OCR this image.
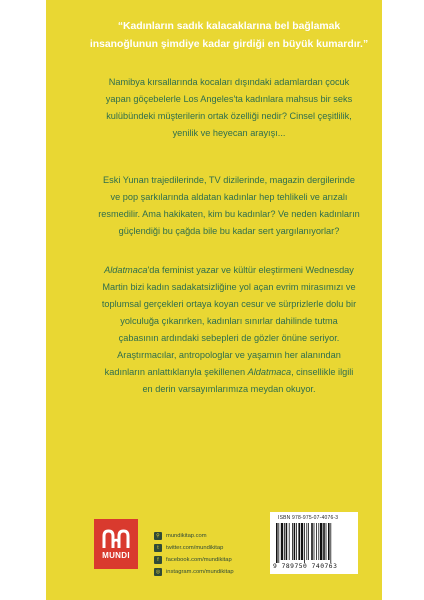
“Kadınların sadık kalacaklarına bel bağlamak
insanoğlunun şimdiye kadar girdiği en büyük kumardır.”
Namibya kırsallarında kocaları dışındaki adamlardan çocuk
yapan göçebelerle Los Angeles'ta kadınlara mahsus bir seks
kulübündeki müşterilerin ortak özelliği nedir? Cinsel çeşitlilik,
yenilik ve heyecan arayışı...
Eski Yunan trajedilerinde, TV dizilerinde, magazin dergilerinde
ve pop şarkılarında aldatan kadınlar hep tehlikeli ve arızalı
resmedilir. Ama hakikaten, kim bu kadınlar? Ve neden kadınların
güçlendiği bu çağda bile bu kadar sert yargılanıyorlar?
Aldatmaca'da feminist yazar ve kültür eleştirmeni Wednesday
Martin bizi kadın sadakatsizliğine yol açan evrim mirasımızı ve
toplumsal gerçekleri ortaya koyan cesur ve sürprizlerle dolu bir
yolculuğa çıkarırken, kadınları sınırlar dahilinde tutma
çabasının ardındaki sebepleri de gözler önüne seriyor.
Araştırmacılar, antropologlar ve yaşamın her alanından
kadınların anlattıklarıyla şekillenen Aldatmaca, cinsellikle ilgili
en derin varsayımlarımıza meydan okuyor.
MUNDI
⚲	mundikitap.com
t	twitter.com/mundikitap
f	facebook.com/mundikitap
◎	instagram.com/mundikitap
ISBN 978-975-07-4076-3
9 789750 740763
